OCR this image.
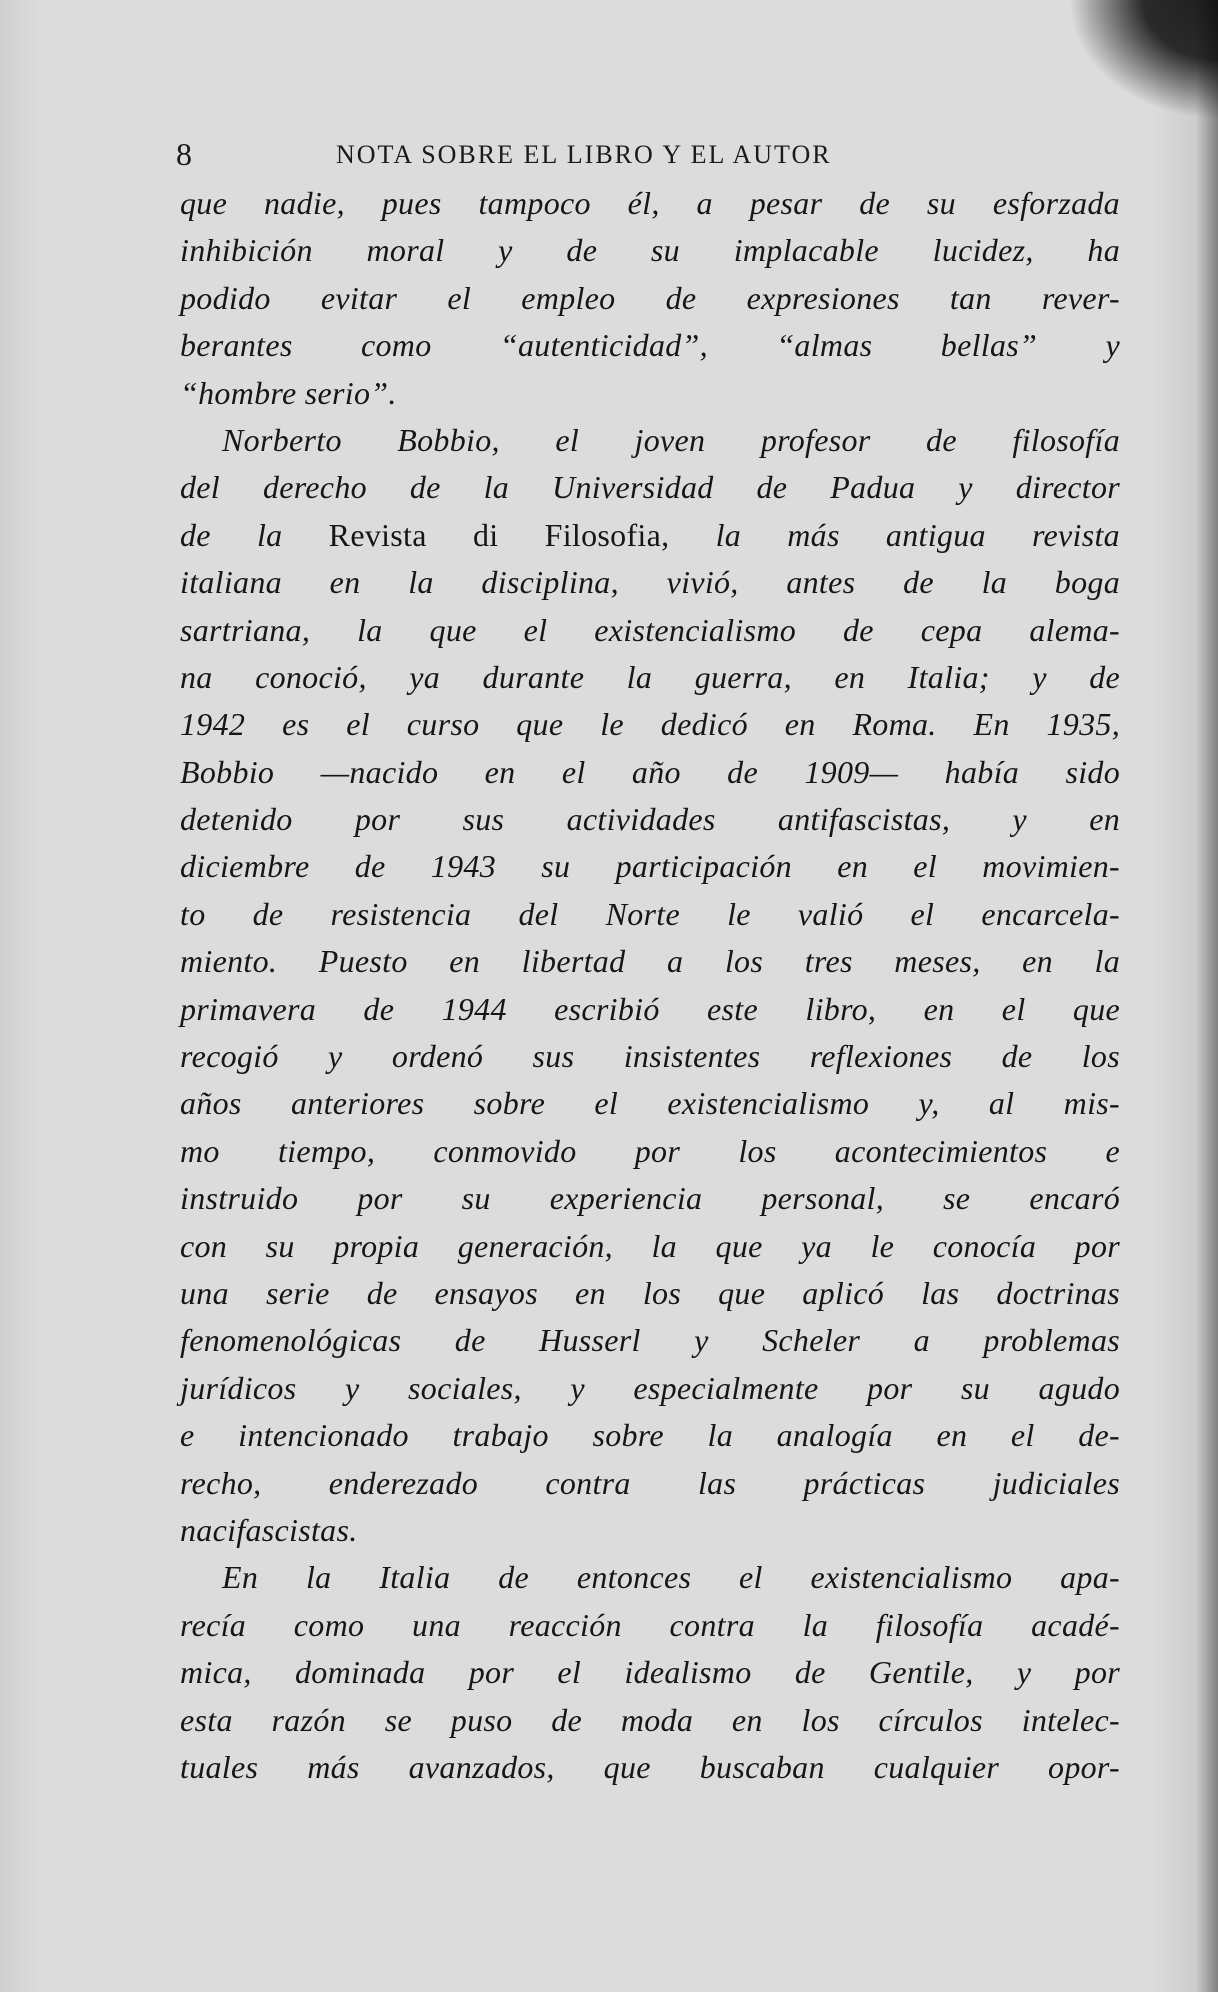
8	NOTA SOBRE EL LIBRO Y EL AUTOR
que nadie, pues tampoco él, a pesar de su esforzada
inhibición moral y de su implacable lucidez, ha
podido evitar el empleo de expresiones tan rever-
berantes como “autenticidad”, “almas bellas” y
“hombre serio”.
Norberto Bobbio, el joven profesor de filosofía
del derecho de la Universidad de Padua y director
de la Revista di Filosofia, la más antigua revista
italiana en la disciplina, vivió, antes de la boga
sartriana, la que el existencialismo de cepa alema-
na conoció, ya durante la guerra, en Italia; y de
1942 es el curso que le dedicó en Roma. En 1935,
Bobbio —nacido en el año de 1909— había sido
detenido por sus actividades antifascistas, y en
diciembre de 1943 su participación en el movimien-
to de resistencia del Norte le valió el encarcela-
miento. Puesto en libertad a los tres meses, en la
primavera de 1944 escribió este libro, en el que
recogió y ordenó sus insistentes reflexiones de los
años anteriores sobre el existencialismo y, al mis-
mo tiempo, conmovido por los acontecimientos e
instruido por su experiencia personal, se encaró
con su propia generación, la que ya le conocía por
una serie de ensayos en los que aplicó las doctrinas
fenomenológicas de Husserl y Scheler a problemas
jurídicos y sociales, y especialmente por su agudo
e intencionado trabajo sobre la analogía en el de-
recho, enderezado contra las prácticas judiciales
nacifascistas.
En la Italia de entonces el existencialismo apa-
recía como una reacción contra la filosofía acadé-
mica, dominada por el idealismo de Gentile, y por
esta razón se puso de moda en los círculos intelec-
tuales más avanzados, que buscaban cualquier opor-
